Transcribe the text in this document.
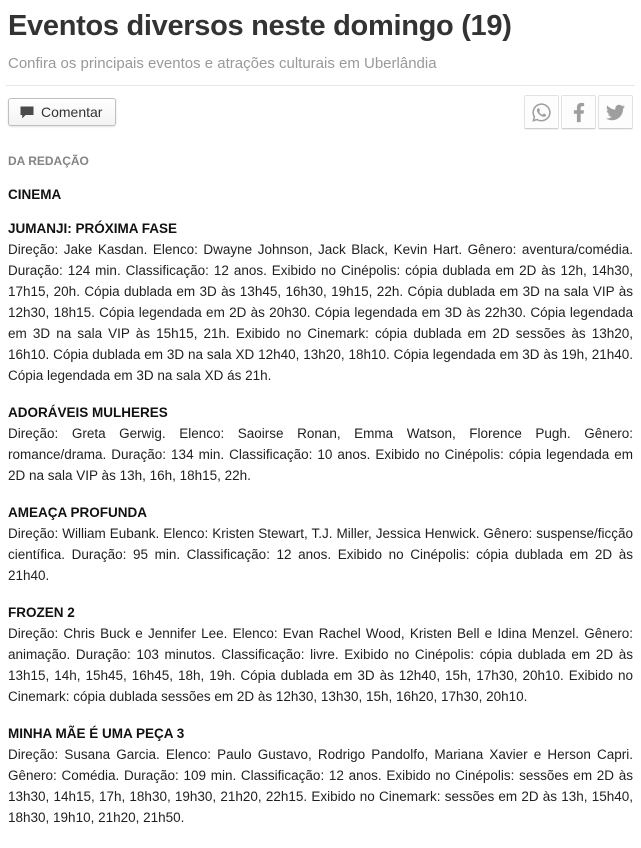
Eventos diversos neste domingo (19)

Confira os principais eventos e atrações culturais em Uberlândia

Comentar
DA REDAÇÃO
CINEMA
JUMANJI: PRÓXIMA FASE

Direção: Jake Kasdan. Elenco: Dwayne Johnson, Jack Black, Kevin Hart. Gênero: aventura/comédia. Duração: 124 min. Classificação: 12 anos. Exibido no Cinépolis: cópia dublada em 2D às 12h, 14h30, 17h15, 20h. Cópia dublada em 3D às 13h45, 16h30, 19h15, 22h. Cópia dublada em 3D na sala VIP às 12h30, 18h15. Cópia legendada em 2D às 20h30. Cópia legendada em 3D às 22h30. Cópia legendada em 3D na sala VIP às 15h15, 21h. Exibido no Cinemark: cópia dublada em 2D sessões às 13h20, 16h10. Cópia dublada em 3D na sala XD 12h40, 13h20, 18h10. Cópia legendada em 3D às 19h, 21h40. Cópia legendada em 3D na sala XD ás 21h.

ADORÁVEIS MULHERES

Direção: Greta Gerwig. Elenco: Saoirse Ronan, Emma Watson, Florence Pugh. Gênero: romance/drama. Duração: 134 min. Classificação: 10 anos. Exibido no Cinépolis: cópia legendada em 2D na sala VIP às 13h, 16h, 18h15, 22h.

AMEAÇA PROFUNDA

Direção: William Eubank. Elenco: Kristen Stewart, T.J. Miller, Jessica Henwick. Gênero: suspense/ficção científica. Duração: 95 min. Classificação: 12 anos. Exibido no Cinépolis: cópia dublada em 2D às 21h40.

FROZEN 2

Direção: Chris Buck e Jennifer Lee. Elenco: Evan Rachel Wood, Kristen Bell e Idina Menzel. Gênero: animação. Duração: 103 minutos. Classificação: livre. Exibido no Cinépolis: cópia dublada em 2D às 13h15, 14h, 15h45, 16h45, 18h, 19h. Cópia dublada em 3D às 12h40, 15h, 17h30, 20h10. Exibido no Cinemark: cópia dublada sessões em 2D às 12h30, 13h30, 15h, 16h20, 17h30, 20h10.

MINHA MÃE É UMA PEÇA 3

Direção: Susana Garcia. Elenco: Paulo Gustavo, Rodrigo Pandolfo, Mariana Xavier e Herson Capri. Gênero: Comédia. Duração: 109 min. Classificação: 12 anos. Exibido no Cinépolis: sessões em 2D às 13h30, 14h15, 17h, 18h30, 19h30, 21h20, 22h15. Exibido no Cinemark: sessões em 2D às 13h, 15h40, 18h30, 19h10, 21h20, 21h50.
